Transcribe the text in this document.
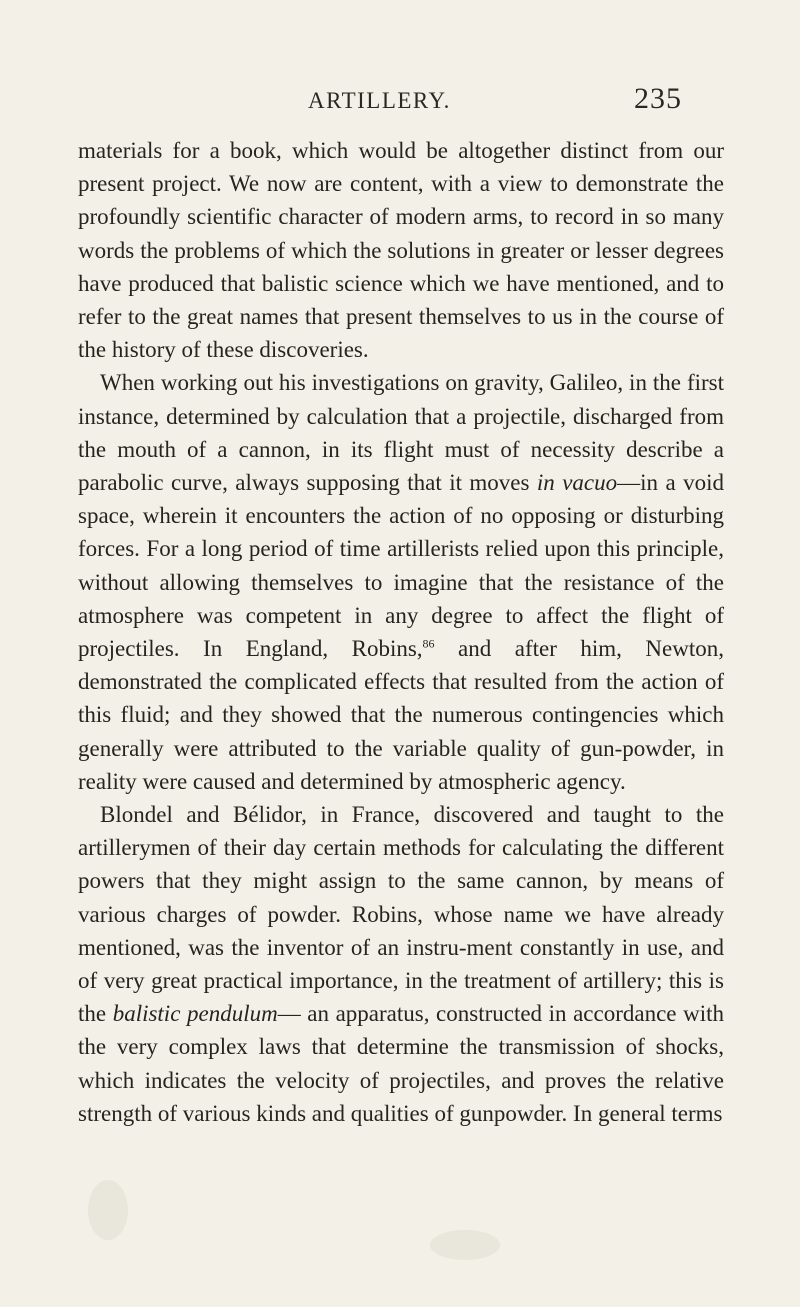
ARTILLERY.	235

materials for a book, which would be altogether distinct from our present project. We now are content, with a view to demonstrate the profoundly scientific character of modern arms, to record in so many words the problems of which the solutions in greater or lesser degrees have produced that balistic science which we have mentioned, and to refer to the great names that present themselves to us in the course of the history of these discoveries.

When working out his investigations on gravity, Galileo, in the first instance, determined by calculation that a projectile, discharged from the mouth of a cannon, in its flight must of necessity describe a parabolic curve, always supposing that it moves in vacuo—in a void space, wherein it encounters the action of no opposing or disturbing forces. For a long period of time artillerists relied upon this principle, without allowing themselves to imagine that the resistance of the atmosphere was competent in any degree to affect the flight of projectiles. In England, Robins,$^{86}$ and after him, Newton, demonstrated the complicated effects that resulted from the action of this fluid; and they showed that the numerous contingencies which generally were attributed to the variable quality of gun-powder, in reality were caused and determined by atmospheric agency.

Blondel and Bélidor, in France, discovered and taught to the artillerymen of their day certain methods for calculating the different powers that they might assign to the same cannon, by means of various charges of powder. Robins, whose name we have already mentioned, was the inventor of an instru-ment constantly in use, and of very great practical importance, in the treatment of artillery; this is the balistic pendulum— an apparatus, constructed in accordance with the very complex laws that determine the transmission of shocks, which indicates the velocity of projectiles, and proves the relative strength of various kinds and qualities of gunpowder. In general terms
